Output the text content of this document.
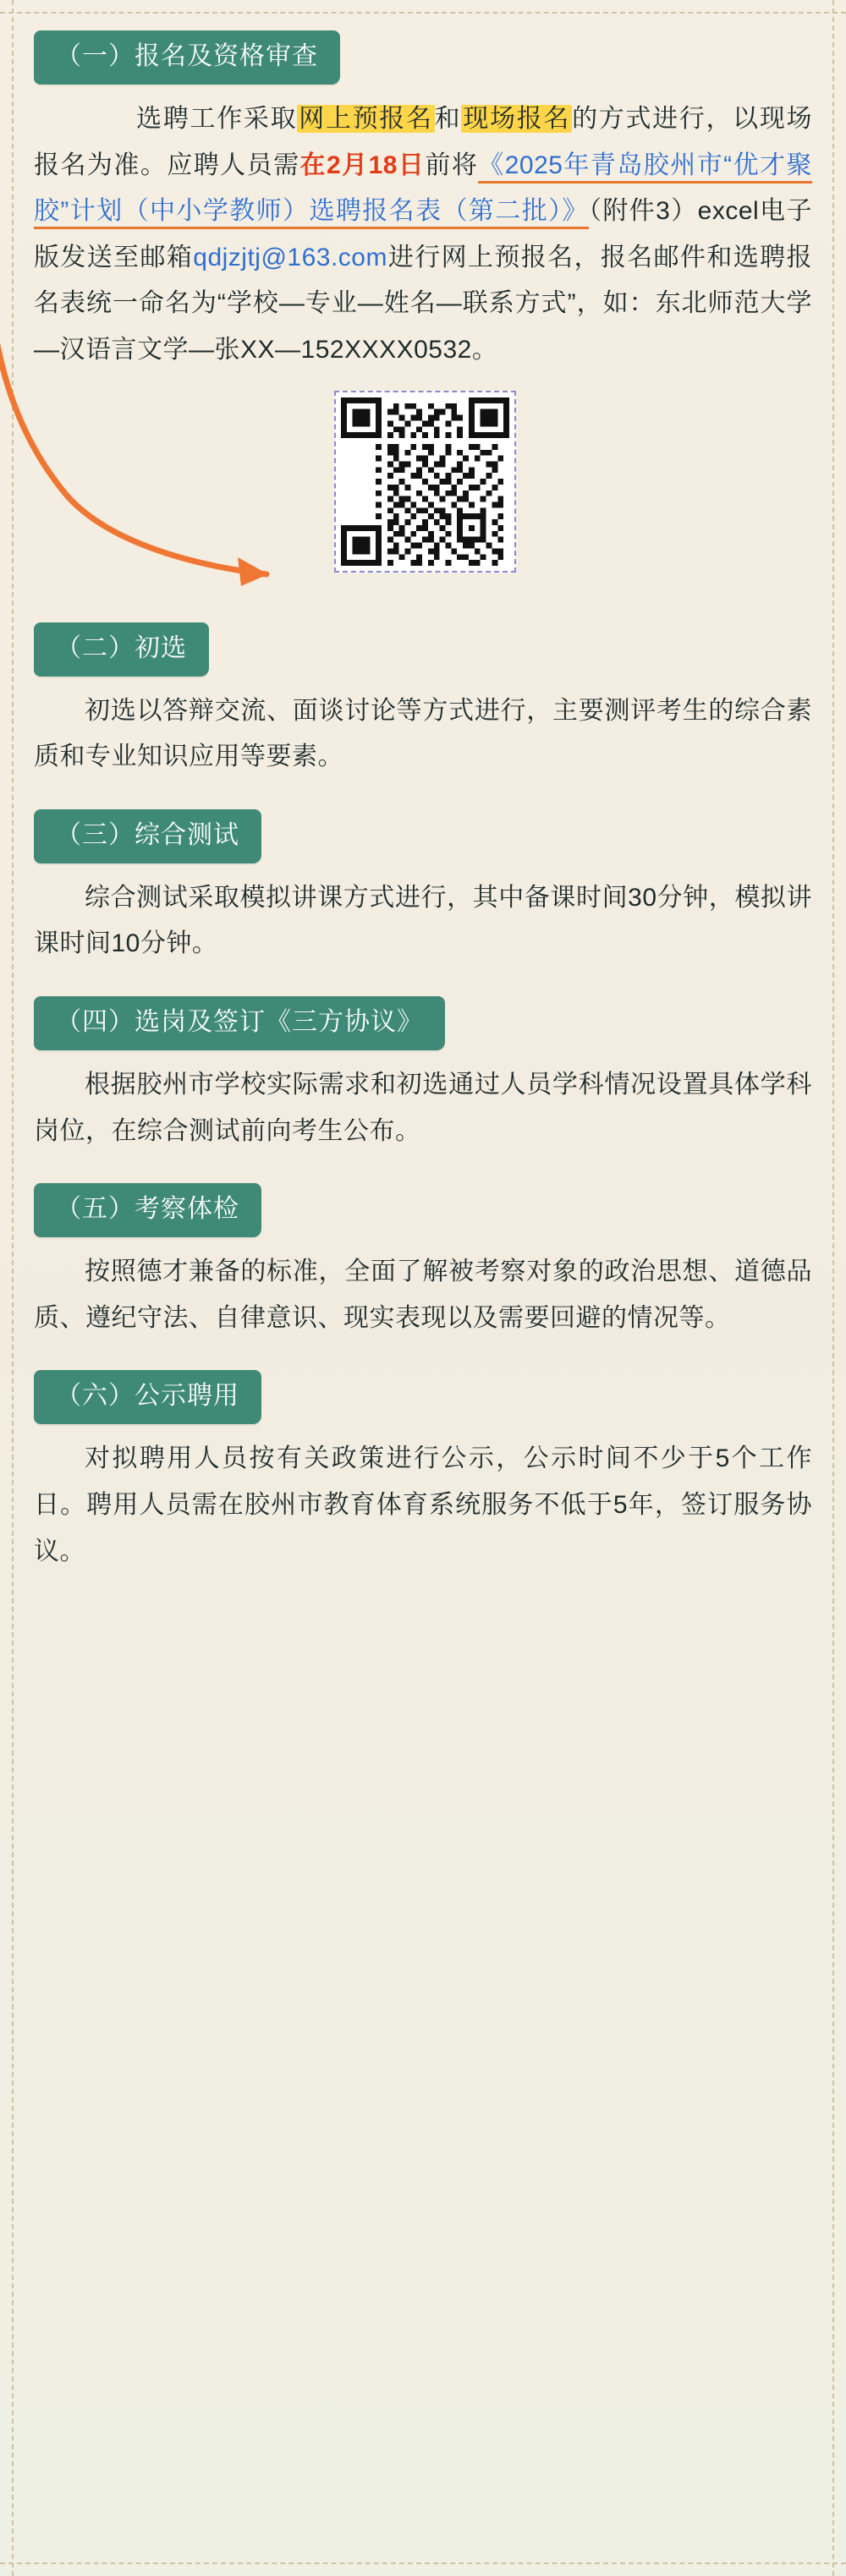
（一）报名及资格审查

选聘工作采取网上预报名和现场报名的方式进行，以现场报名为准。应聘人员需在2月18日前将《2025年青岛胶州市“优才聚胶”计划（中小学教师）选聘报名表（第二批）》（附件3）excel电子版发送至邮箱qdjzjtj@163.com进行网上预报名，报名邮件和选聘报名表统一命名为“学校—专业—姓名—联系方式”，如：东北师范大学—汉语言文学—张XX—152XXXX0532。

（二）初选

初选以答辩交流、面谈讨论等方式进行，主要测评考生的综合素质和专业知识应用等要素。

（三）综合测试

综合测试采取模拟讲课方式进行，其中备课时间30分钟，模拟讲课时间10分钟。

（四）选岗及签订《三方协议》

根据胶州市学校实际需求和初选通过人员学科情况设置具体学科岗位，在综合测试前向考生公布。

（五）考察体检

按照德才兼备的标准，全面了解被考察对象的政治思想、道德品质、遵纪守法、自律意识、现实表现以及需要回避的情况等。

（六）公示聘用

对拟聘用人员按有关政策进行公示，公示时间不少于5个工作日。聘用人员需在胶州市教育体育系统服务不低于5年，签订服务协议。
